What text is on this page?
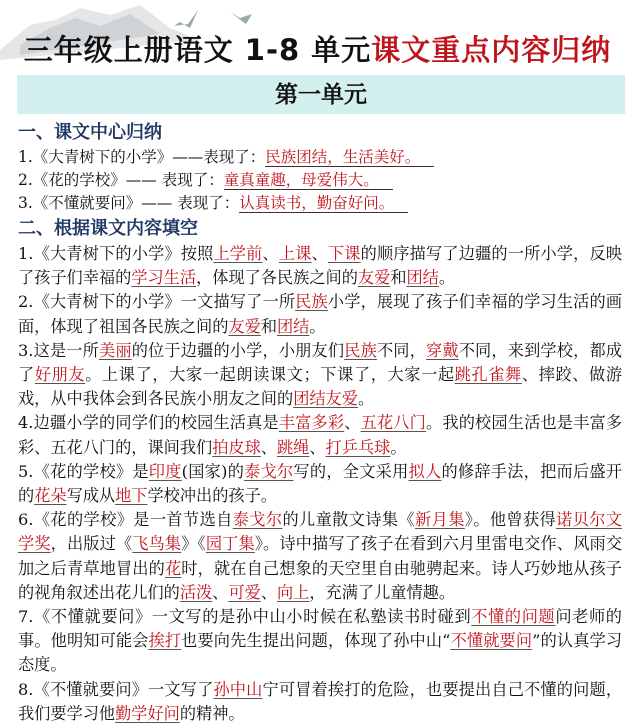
三年级上册语文 1-8 单元课文重点内容归纳
第一单元
一、课文中心归纳
1.《大青树下的小学》——表现了：民族团结，生活美好。
2.《花的学校》—— 表现了：童真童趣，母爱伟大。
3.《不懂就要问》—— 表现了：认真读书，勤奋好问。
二、根据课文内容填空

1.《大青树下的小学》按照上学前、上课、下课的顺序描写了边疆的一所小学，反映了孩子们幸福的学习生活，体现了各民族之间的友爱和团结。

2.《大青树下的小学》一文描写了一所民族小学，展现了孩子们幸福的学习生活的画面，体现了祖国各民族之间的友爱和团结。

3.这是一所美丽的位于边疆的小学，小朋友们民族不同，穿戴不同，来到学校，都成了好朋友。上课了，大家一起朗读课文；下课了，大家一起跳孔雀舞、摔跤、做游戏，从中我体会到各民族小朋友之间的团结友爱。

4.边疆小学的同学们的校园生活真是丰富多彩、五花八门。我的校园生活也是丰富多彩、五花八门的，课间我们拍皮球、跳绳、打乒乓球。

5.《花的学校》是印度(国家)的泰戈尔写的，全文采用拟人的修辞手法，把而后盛开的花朵写成从地下学校冲出的孩子。

6.《花的学校》是一首节选自泰戈尔的儿童散文诗集《新月集》。他曾获得诺贝尔文学奖，出版过《飞鸟集》《园丁集》。诗中描写了孩子在看到六月里雷电交作、风雨交加之后青草地冒出的花时，就在自己想象的天空里自由驰骋起来。诗人巧妙地从孩子的视角叙述出花儿们的活泼、可爱、向上，充满了儿童情趣。

7.《不懂就要问》一文写的是孙中山小时候在私塾读书时碰到不懂的问题问老师的事。他明知可能会挨打也要向先生提出问题，体现了孙中山“不懂就要问”的认真学习态度。

8.《不懂就要问》一文写了孙中山宁可冒着挨打的危险，也要提出自己不懂的问题，我们要学习他勤学好问的精神。
